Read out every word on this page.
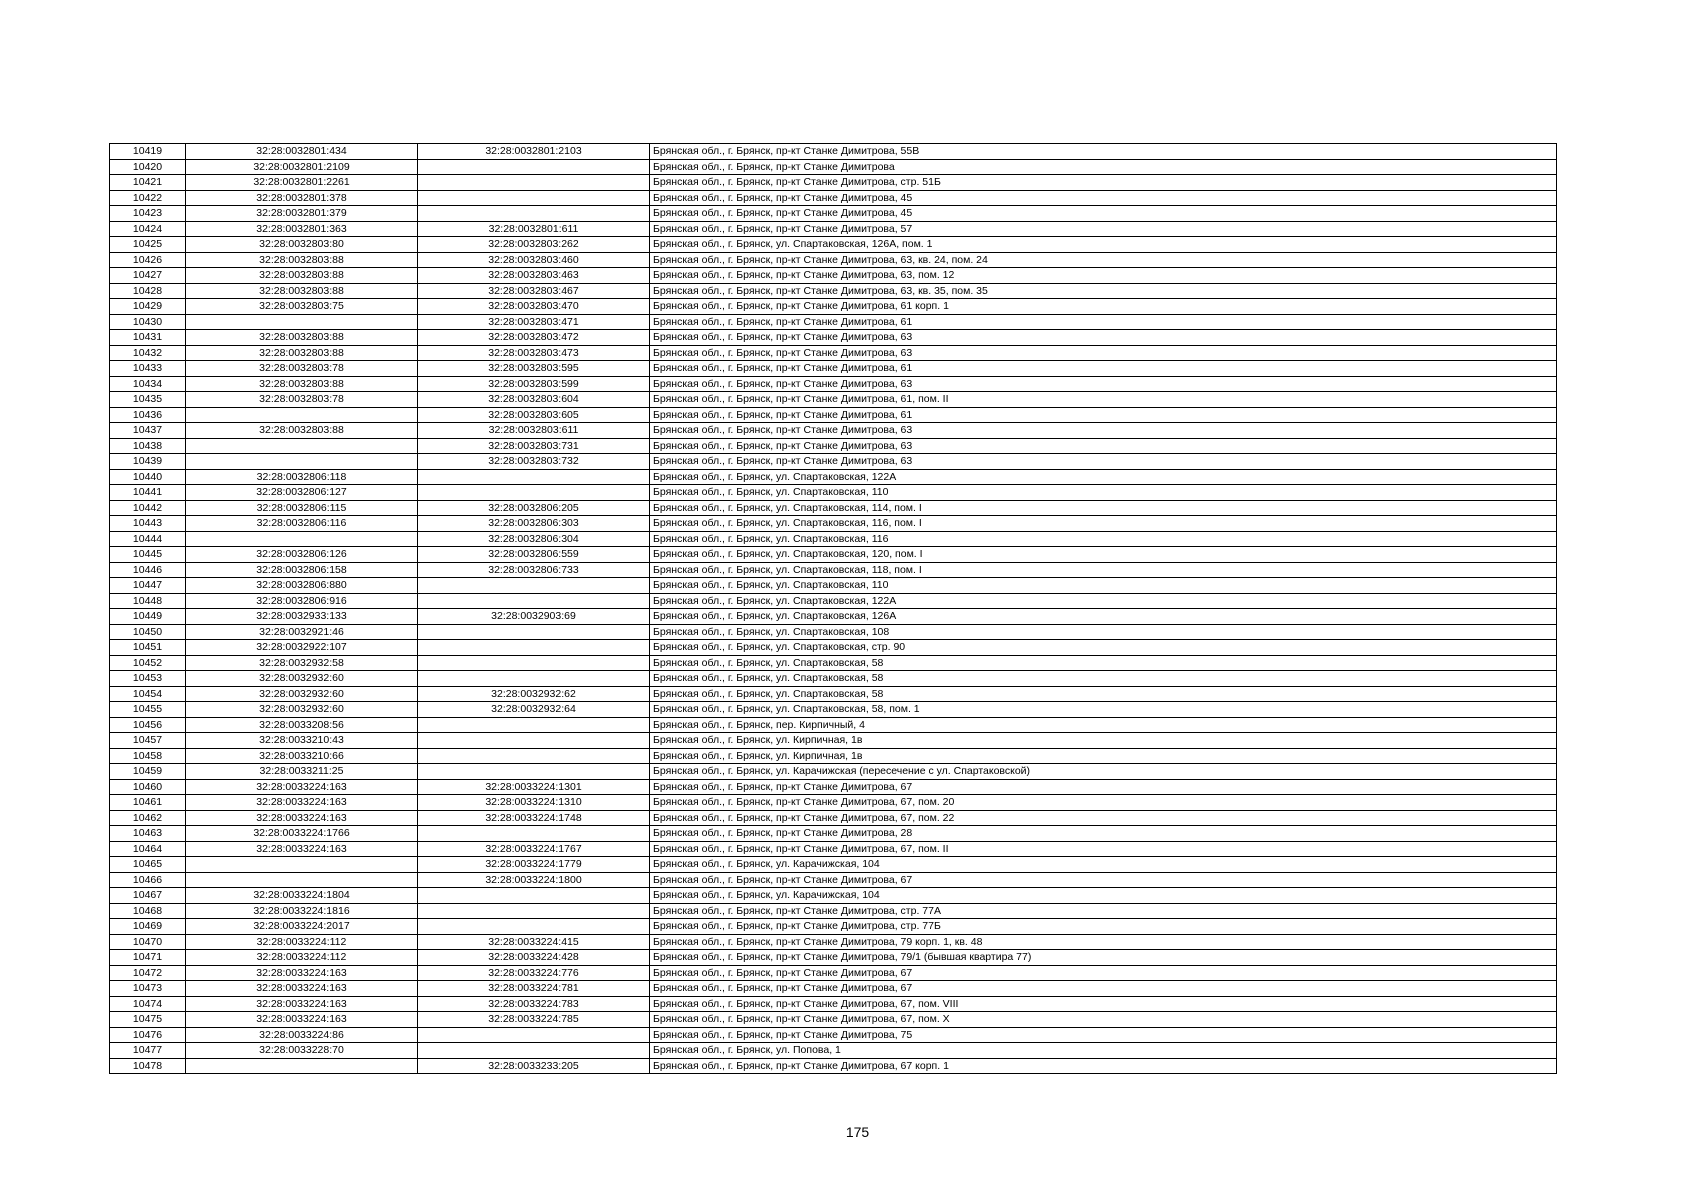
10419	32:28:0032801:434	32:28:0032801:2103	Брянская обл., г. Брянск, пр-кт Станке Димитрова, 55В
10420	32:28:0032801:2109		Брянская обл., г. Брянск, пр-кт Станке Димитрова
10421	32:28:0032801:2261		Брянская обл., г. Брянск, пр-кт Станке Димитрова, стр. 51Б
10422	32:28:0032801:378		Брянская обл., г. Брянск, пр-кт Станке Димитрова, 45
10423	32:28:0032801:379		Брянская обл., г. Брянск, пр-кт Станке Димитрова, 45
10424	32:28:0032801:363	32:28:0032801:611	Брянская обл., г. Брянск, пр-кт Станке Димитрова, 57
10425	32:28:0032803:80	32:28:0032803:262	Брянская обл., г. Брянск, ул. Спартаковская, 126А, пом. 1
10426	32:28:0032803:88	32:28:0032803:460	Брянская обл., г. Брянск, пр-кт Станке Димитрова, 63, кв. 24, пом. 24
10427	32:28:0032803:88	32:28:0032803:463	Брянская обл., г. Брянск, пр-кт Станке Димитрова, 63, пом. 12
10428	32:28:0032803:88	32:28:0032803:467	Брянская обл., г. Брянск, пр-кт Станке Димитрова, 63, кв. 35, пом. 35
10429	32:28:0032803:75	32:28:0032803:470	Брянская обл., г. Брянск, пр-кт Станке Димитрова, 61 корп. 1
10430		32:28:0032803:471	Брянская обл., г. Брянск, пр-кт Станке Димитрова, 61
10431	32:28:0032803:88	32:28:0032803:472	Брянская обл., г. Брянск, пр-кт Станке Димитрова, 63
10432	32:28:0032803:88	32:28:0032803:473	Брянская обл., г. Брянск, пр-кт Станке Димитрова, 63
10433	32:28:0032803:78	32:28:0032803:595	Брянская обл., г. Брянск, пр-кт Станке Димитрова, 61
10434	32:28:0032803:88	32:28:0032803:599	Брянская обл., г. Брянск, пр-кт Станке Димитрова, 63
10435	32:28:0032803:78	32:28:0032803:604	Брянская обл., г. Брянск, пр-кт Станке Димитрова, 61, пом. II
10436		32:28:0032803:605	Брянская обл., г. Брянск, пр-кт Станке Димитрова, 61
10437	32:28:0032803:88	32:28:0032803:611	Брянская обл., г. Брянск, пр-кт Станке Димитрова, 63
10438		32:28:0032803:731	Брянская обл., г. Брянск, пр-кт Станке Димитрова, 63
10439		32:28:0032803:732	Брянская обл., г. Брянск, пр-кт Станке Димитрова, 63
10440	32:28:0032806:118		Брянская обл., г. Брянск, ул. Спартаковская, 122А
10441	32:28:0032806:127		Брянская обл., г. Брянск, ул. Спартаковская, 110
10442	32:28:0032806:115	32:28:0032806:205	Брянская обл., г. Брянск, ул. Спартаковская, 114, пом. I
10443	32:28:0032806:116	32:28:0032806:303	Брянская обл., г. Брянск, ул. Спартаковская, 116, пом. I
10444		32:28:0032806:304	Брянская обл., г. Брянск, ул. Спартаковская, 116
10445	32:28:0032806:126	32:28:0032806:559	Брянская обл., г. Брянск, ул. Спартаковская, 120, пом. I
10446	32:28:0032806:158	32:28:0032806:733	Брянская обл., г. Брянск, ул. Спартаковская, 118, пом. I
10447	32:28:0032806:880		Брянская обл., г. Брянск, ул. Спартаковская, 110
10448	32:28:0032806:916		Брянская обл., г. Брянск, ул. Спартаковская, 122А
10449	32:28:0032933:133	32:28:0032903:69	Брянская обл., г. Брянск, ул. Спартаковская, 126А
10450	32:28:0032921:46		Брянская обл., г. Брянск, ул. Спартаковская, 108
10451	32:28:0032922:107		Брянская обл., г. Брянск, ул. Спартаковская, стр. 90
10452	32:28:0032932:58		Брянская обл., г. Брянск, ул. Спартаковская, 58
10453	32:28:0032932:60		Брянская обл., г. Брянск, ул. Спартаковская, 58
10454	32:28:0032932:60	32:28:0032932:62	Брянская обл., г. Брянск, ул. Спартаковская, 58
10455	32:28:0032932:60	32:28:0032932:64	Брянская обл., г. Брянск, ул. Спартаковская, 58, пом. 1
10456	32:28:0033208:56		Брянская обл., г. Брянск, пер. Кирпичный, 4
10457	32:28:0033210:43		Брянская обл., г. Брянск, ул. Кирпичная, 1в
10458	32:28:0033210:66		Брянская обл., г. Брянск, ул. Кирпичная, 1в
10459	32:28:0033211:25		Брянская обл., г. Брянск, ул. Карачижская (пересечение с ул. Спартаковской)
10460	32:28:0033224:163	32:28:0033224:1301	Брянская обл., г. Брянск, пр-кт Станке Димитрова, 67
10461	32:28:0033224:163	32:28:0033224:1310	Брянская обл., г. Брянск, пр-кт Станке Димитрова, 67, пом. 20
10462	32:28:0033224:163	32:28:0033224:1748	Брянская обл., г. Брянск, пр-кт Станке Димитрова, 67, пом. 22
10463	32:28:0033224:1766		Брянская обл., г. Брянск, пр-кт Станке Димитрова, 28
10464	32:28:0033224:163	32:28:0033224:1767	Брянская обл., г. Брянск, пр-кт Станке Димитрова, 67, пом. II
10465		32:28:0033224:1779	Брянская обл., г. Брянск, ул. Карачижская, 104
10466		32:28:0033224:1800	Брянская обл., г. Брянск, пр-кт Станке Димитрова, 67
10467	32:28:0033224:1804		Брянская обл., г. Брянск, ул. Карачижская, 104
10468	32:28:0033224:1816		Брянская обл., г. Брянск, пр-кт Станке Димитрова, стр. 77А
10469	32:28:0033224:2017		Брянская обл., г. Брянск, пр-кт Станке Димитрова, стр. 77Б
10470	32:28:0033224:112	32:28:0033224:415	Брянская обл., г. Брянск, пр-кт Станке Димитрова, 79 корп. 1, кв. 48
10471	32:28:0033224:112	32:28:0033224:428	Брянская обл., г. Брянск, пр-кт Станке Димитрова, 79/1 (бывшая квартира 77)
10472	32:28:0033224:163	32:28:0033224:776	Брянская обл., г. Брянск, пр-кт Станке Димитрова, 67
10473	32:28:0033224:163	32:28:0033224:781	Брянская обл., г. Брянск, пр-кт Станке Димитрова, 67
10474	32:28:0033224:163	32:28:0033224:783	Брянская обл., г. Брянск, пр-кт Станке Димитрова, 67, пом. VIII
10475	32:28:0033224:163	32:28:0033224:785	Брянская обл., г. Брянск, пр-кт Станке Димитрова, 67, пом. X
10476	32:28:0033224:86		Брянская обл., г. Брянск, пр-кт Станке Димитрова, 75
10477	32:28:0033228:70		Брянская обл., г. Брянск, ул. Попова, 1
10478		32:28:0033233:205	Брянская обл., г. Брянск, пр-кт Станке Димитрова, 67 корп. 1
175
